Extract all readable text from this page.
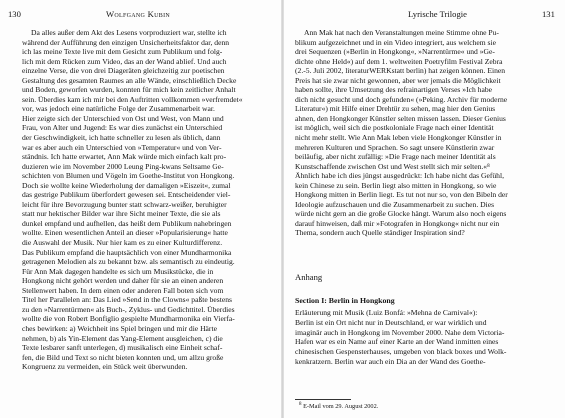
130	Wolfgang Kubin
Da alles außer dem Akt des Lesens vorproduziert war, stellte ich
während der Aufführung den einzigen Unsicherheitsfaktor dar, denn
ich las meine Texte live mit dem Gesicht zum Publikum und folg-
lich mit dem Rücken zum Video, das an der Wand ablief. Und auch
einzelne Verse, die von drei Diageräten gleichzeitig zur poetischen
Gestaltung des gesamten Raumes an alle Wände, einschließlich Decke
und Boden, geworfen wurden, konnten für mich kein zeitlicher Anhalt
sein. Überdies kam ich mir bei den Auftritten vollkommen »verfremdet«
vor, was jedoch eine natürliche Folge der Zusammenarbeit war.
Hier zeigte sich der Unterschied von Ost und West, von Mann und
Frau, von Alter und Jugend: Es war dies zunächst ein Unterschied
der Geschwindigkeit, ich hatte schneller zu lesen als üblich, dann
war es aber auch ein Unterschied von »Temperatur« und von Ver-
ständnis. Ich hatte erwartet, Ann Mak würde mich einfach kalt pro-
duzieren wie im November 2000 Leung Ping-kwans Seltsame Ge-
schichten von Blumen und Vögeln im Goethe-Institut von Hongkong.
Doch sie wollte keine Wiederholung der damaligen »Eiszeit«, zumal
das gestrige Publikum überfordert gewesen sei. Entscheidender viel-
leicht für ihre Bevorzugung bunter statt schwarz-weißer, beruhigter
statt nur hektischer Bilder war ihre Sicht meiner Texte, die sie als
dunkel empfand und aufhellen, das heißt dem Publikum nahebringen
wollte. Einen wesentlichen Anteil an dieser »Popularisierung« hatte
die Auswahl der Musik. Nur hier kam es zu einer Kulturdifferenz.
Das Publikum empfand die hauptsächlich von einer Mundharmonika
getragenen Melodien als zu bekannt bzw. als semantisch zu eindeutig.
Für Ann Mak dagegen handelte es sich um Musikstücke, die in
Hongkong nicht gehört werden und daher für sie an einen anderen
Stellenwert haben. In dem einen oder anderen Fall boten sich vom
Titel her Parallelen an: Das Lied »Send in the Clowns« paßte bestens
zu den »Narrentürmen« als Buch-, Zyklus- und Gedichttitel. Überdies
wollte die von Robert Bonfiglio gespielte Mundharmonika ein Vierfa-
ches bewirken: a) Weichheit ins Spiel bringen und mir die Härte
nehmen, b) als Yin-Element das Yang-Element ausgleichen, c) die
Texte lesbarer sanft unterlegen, d) musikalisch eine Einheit schaf-
fen, die Bild und Text so nicht bieten konnten und, um allzu große
Kongruenz zu vermeiden, ein Stück weit überwunden.
Lyrische Trilogie	131
Ann Mak hat nach den Veranstaltungen meine Stimme ohne Pu-
blikum aufgezeichnet und in ein Video integriert, aus welchem sie
drei Sequenzen (»Berlin in Hongkong«, »Narrentürme« und »Ge-
dichte ohne Held«) auf dem 1. weltweiten Poetryfilm Festival Zebra
(2.-5. Juli 2002, literaturWERKstatt berlin) hat zeigen können. Einen
Preis hat sie zwar nicht gewonnen, aber wer jemals die Möglichkeit
haben sollte, ihre Umsetzung des refrainartigen Verses »Ich habe
dich nicht gesucht und doch gefunden« (»Peking. Archiv für moderne
Literatur«) mit Hilfe einer Drehtür zu sehen, mag hier den Genius
ahnen, den Hongkonger Künstler selten missen lassen. Dieser Genius
ist möglich, weil sich die postkoloniale Frage nach einer Identität
nicht mehr stellt. Wie Ann Mak leben viele Hongkonger Künstler in
mehreren Kulturen und Sprachen. So sagt unsere Künstlerin zwar
beiläufig, aber nicht zufällig: »Die Frage nach meiner Identität als
Kunstschaffende zwischen Ost und West stellt sich mir selten.«⁸
Ähnlich habe ich dies jüngst ausgedrückt: Ich habe nicht das Gefühl,
kein Chinese zu sein. Berlin liegt also mitten in Hongkong, so wie
Hongkong mitten in Berlin liegt. Es tut not nur so, von den Bibeln der
Ideologie aufzuschauen und die Zusammenarbeit zu suchen. Dies
würde nicht gern an die große Glocke hängt. Warum also noch eigens
darauf hinweisen, daß mir »Fotografen in Hongkong« nicht nur ein
Thema, sondern auch Quelle ständiger Inspiration sind?
Anhang
Section I: Berlin in Hongkong
Erläuterung mit Musik (Luiz Bonfá: »Mehna de Carnival«):
Berlin ist ein Ort nicht nur in Deutschland, er war wirklich und
imaginär auch in Hongkong im November 2000. Nahe dem Victoria-
Hafen war es ein Name auf einer Karte an der Wand inmitten eines
chinesischen Gespensterhauses, umgeben von black boxes und Wolk-
kenkratzern. Berlin war auch ein Dia an der Wand des Goethe-
$^8$ E-Mail vom 29. August 2002.
